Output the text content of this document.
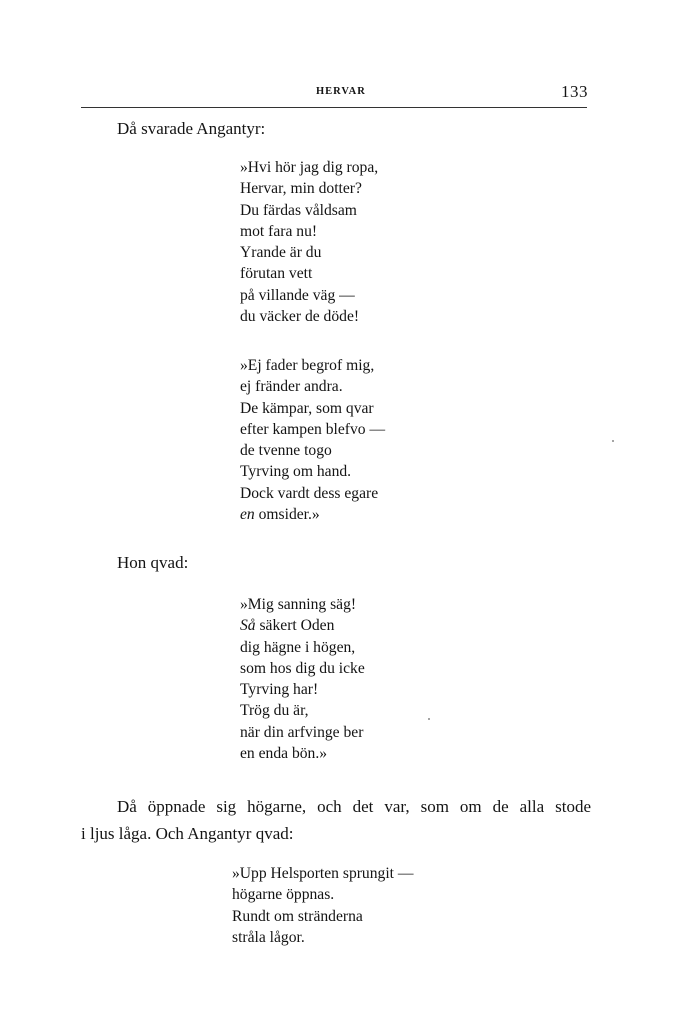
HERVAR	133
Då svarade Angantyr:
»Hvi hör jag dig ropa,
Hervar, min dotter?
Du färdas våldsam
mot fara nu!
Yrande är du
förutan vett
på villande väg —
du väcker de döde!
»Ej fader begrof mig,
ej fränder andra.
De kämpar, som qvar
efter kampen blefvo —
de tvenne togo
Tyrving om hand.
Dock vardt dess egare
en omsider.»
Hon qvad:
»Mig sanning säg!
Så säkert Oden
dig hägne i högen,
som hos dig du icke
Tyrving har!
Trög du är,
när din arfvinge ber
en enda bön.»
Då öppnade sig högarne, och det var, som om de alla stode
i ljus låga. Och Angantyr qvad:
»Upp Helsporten sprungit —
högarne öppnas.
Rundt om stränderna
stråla lågor.
